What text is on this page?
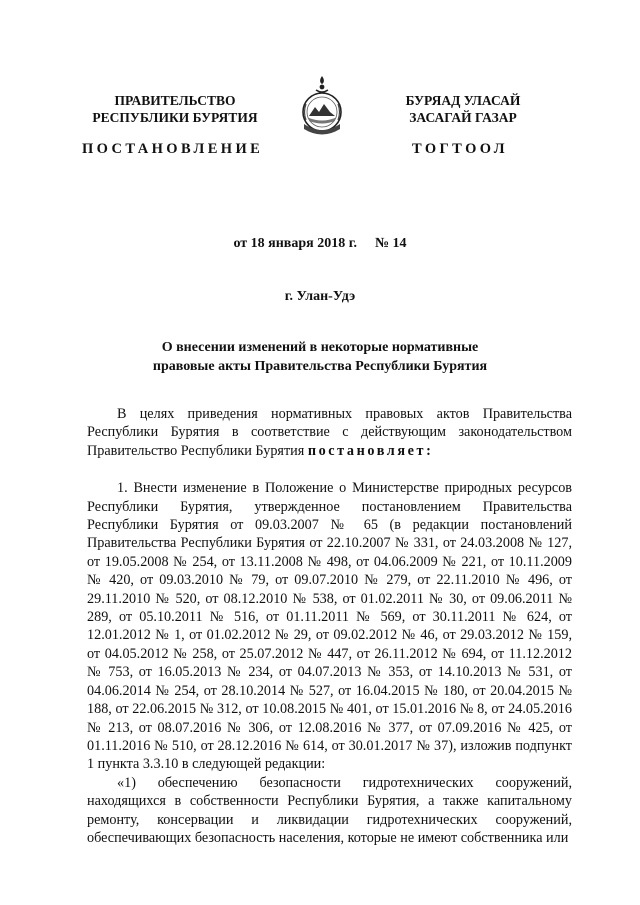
ПРАВИТЕЛЬСТВО
РЕСПУБЛИКИ БУРЯТИЯ
БУРЯАД УЛАСАЙ
ЗАСАГАЙ ГАЗАР
ПОСТАНОВЛЕНИЕ	ТОГТООЛ
от 18 января 2018 г. № 14
г. Улан-Удэ
О внесении изменений в некоторые нормативные
правовые акты Правительства Республики Бурятия

В целях приведения нормативных правовых актов Правительства Республики Бурятия в соответствие с действующим законодательством Правительство Республики Бурятия постановляет:

1. Внести изменение в Положение о Министерстве природных ресурсов Республики Бурятия, утвержденное постановлением Правительства Республики Бурятия от 09.03.2007 № 65 (в редакции постановлений Правительства Республики Бурятия от 22.10.2007 № 331, от 24.03.2008 № 127, от 19.05.2008 № 254, от 13.11.2008 № 498, от 04.06.2009 № 221, от 10.11.2009 № 420, от 09.03.2010 № 79, от 09.07.2010 № 279, от 22.11.2010 № 496, от 29.11.2010 № 520, от 08.12.2010 № 538, от 01.02.2011 № 30, от 09.06.2011 № 289, от 05.10.2011 № 516, от 01.11.2011 № 569, от 30.11.2011 № 624, от 12.01.2012 № 1, от 01.02.2012 № 29, от 09.02.2012 № 46, от 29.03.2012 № 159, от 04.05.2012 № 258, от 25.07.2012 № 447, от 26.11.2012 № 694, от 11.12.2012 № 753, от 16.05.2013 № 234, от 04.07.2013 № 353, от 14.10.2013 № 531, от 04.06.2014 № 254, от 28.10.2014 № 527, от 16.04.2015 № 180, от 20.04.2015 № 188, от 22.06.2015 № 312, от 10.08.2015 № 401, от 15.01.2016 № 8, от 24.05.2016 № 213, от 08.07.2016 № 306, от 12.08.2016 № 377, от 07.09.2016 № 425, от 01.11.2016 № 510, от 28.12.2016 № 614, от 30.01.2017 № 37), изложив подпункт 1 пункта 3.3.10 в следующей редакции:

«1) обеспечению безопасности гидротехнических сооружений, находящихся в собственности Республики Бурятия, а также капитальному ремонту, консервации и ликвидации гидротехнических сооружений, обеспечивающих безопасность населения, которые не имеют собственника или
